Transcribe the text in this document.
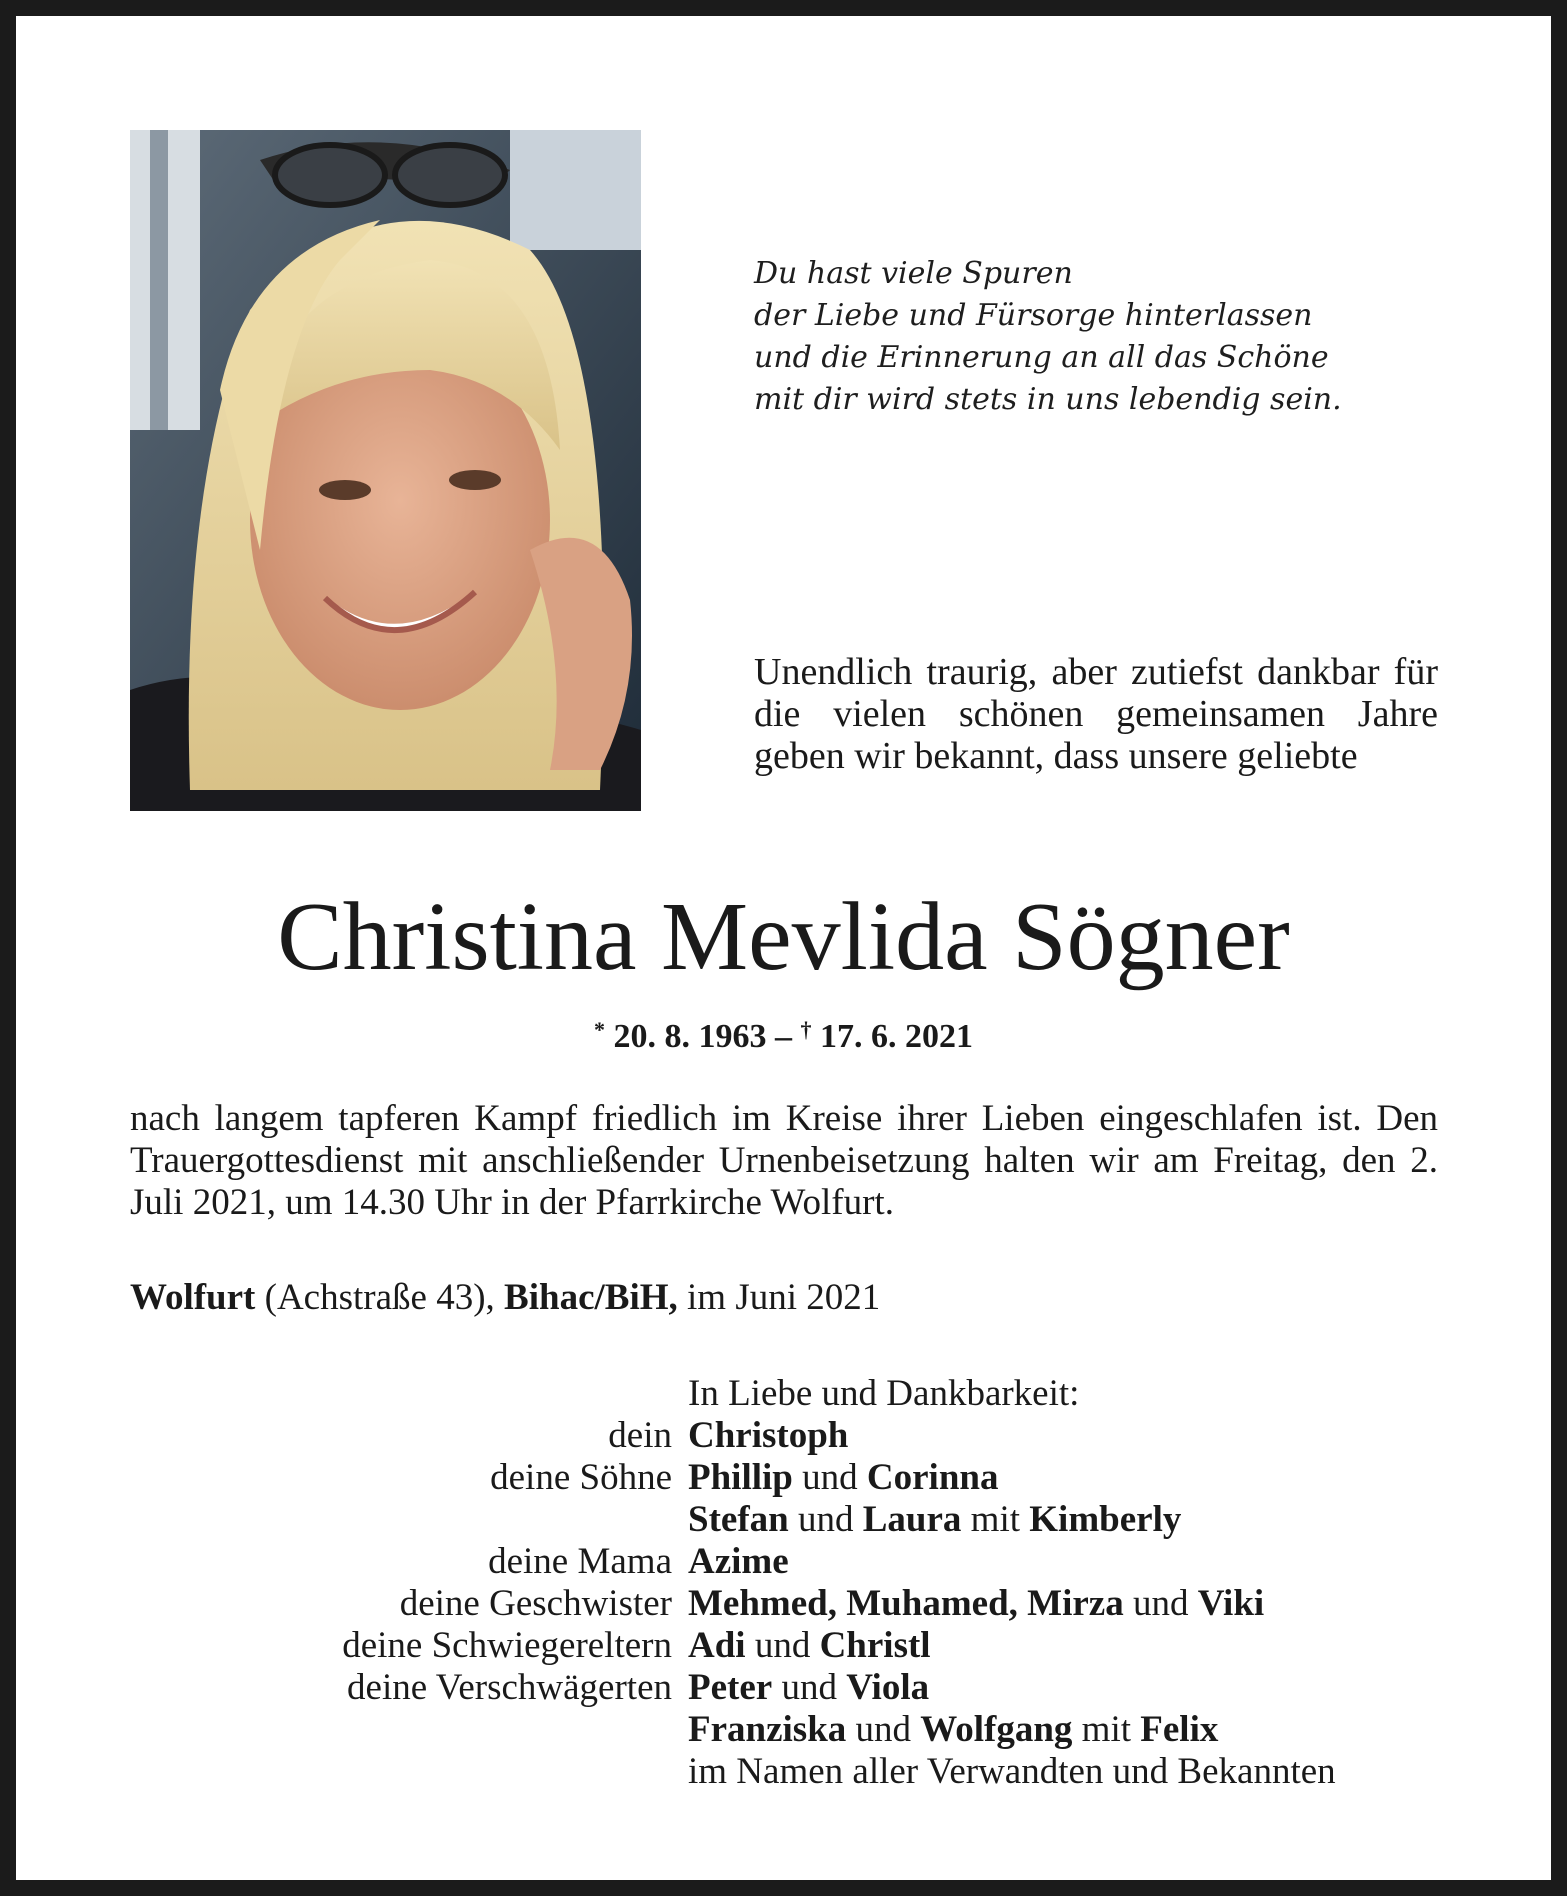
Du hast viele Spuren
der Liebe und Fürsorge hinterlassen
und die Erinnerung an all das Schöne
mit dir wird stets in uns lebendig sein.
Unendlich traurig, aber zutiefst dankbar für die vielen schönen gemeinsamen Jahre geben wir bekannt, dass unsere geliebte
Christina Mevlida Sögner
* 20. 8. 1963 – † 17. 6. 2021
nach langem tapferen Kampf friedlich im Kreise ihrer Lieben eingeschlafen ist. Den Trauergottesdienst mit anschließender Urnenbeisetzung halten wir am Freitag, den 2. Juli 2021, um 14.30 Uhr in der Pfarrkirche Wolfurt.
Wolfurt (Achstraße 43), Bihac/BiH, im Juni 2021
In Liebe und Dankbarkeit:
dein Christoph
deine Söhne Phillip und Corinna
Stefan und Laura mit Kimberly
deine Mama Azime
deine Geschwister Mehmed, Muhamed, Mirza und Viki
deine Schwiegereltern Adi und Christl
deine Verschwägerten Peter und Viola
Franziska und Wolfgang mit Felix
im Namen aller Verwandten und Bekannten
